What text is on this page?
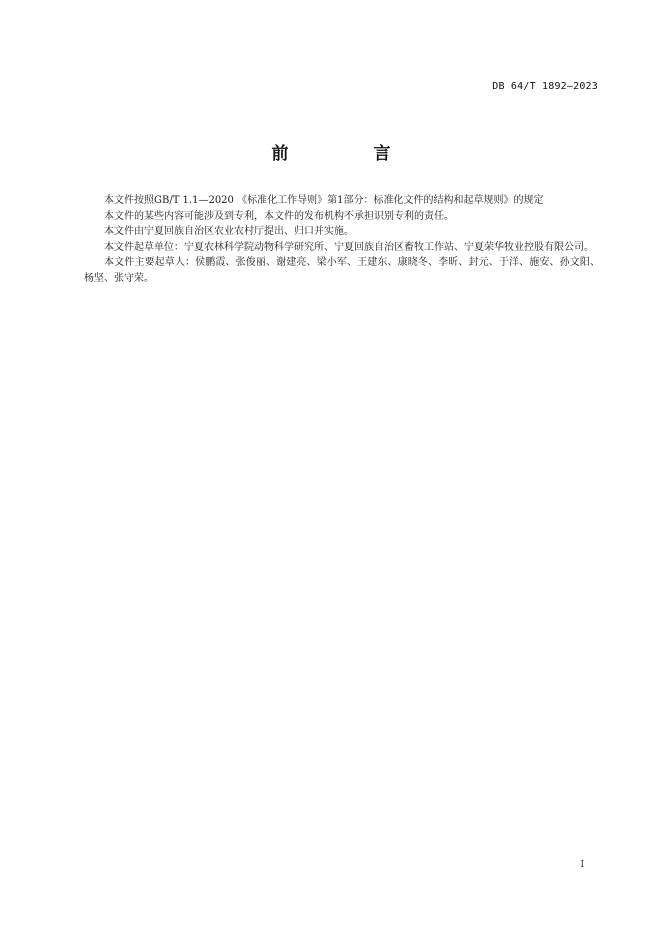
DB 64/T 1892—2023
前　言

本文件按照GB/T 1.1—2020 《标准化工作导则》第1部分：标准化文件的结构和起草规则》的规定

本文件的某些内容可能涉及到专利，本文件的发布机构不承担识别专利的责任。

本文件由宁夏回族自治区农业农村厅提出、归口并实施。

本文件起草单位：宁夏农林科学院动物科学研究所、宁夏回族自治区畜牧工作站、宁夏荣华牧业控股有限公司。

本文件主要起草人：侯鹏霞、张俊丽、谢建亮、梁小军、王建东、康晓冬、李昕、封元、于洋、施安、孙文阳、杨坚、张守荣。

I
